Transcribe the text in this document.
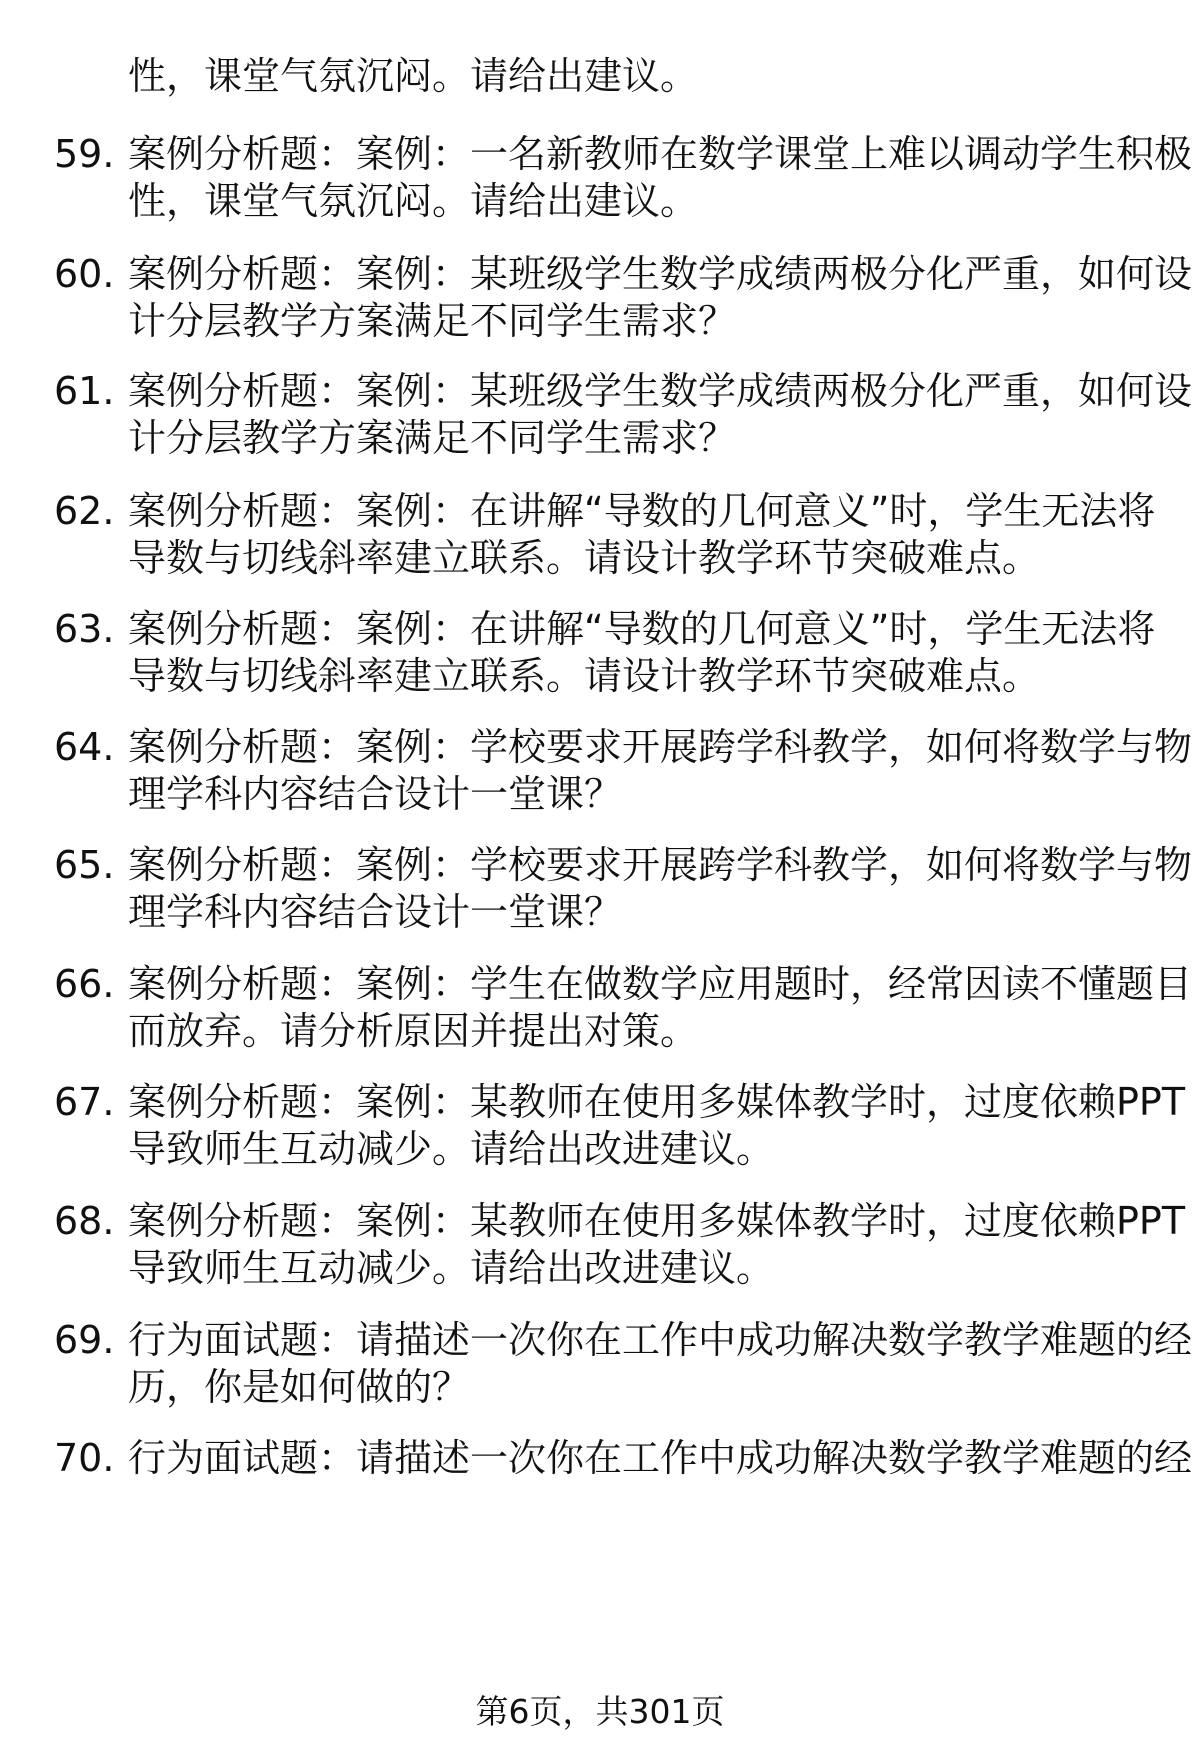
性，课堂气氛沉闷。请给出建议。
59. 案例分析题：案例：一名新教师在数学课堂上难以调动学生积极
性，课堂气氛沉闷。请给出建议。
60. 案例分析题：案例：某班级学生数学成绩两极分化严重，如何设
计分层教学方案满足不同学生需求？
61. 案例分析题：案例：某班级学生数学成绩两极分化严重，如何设
计分层教学方案满足不同学生需求？
62. 案例分析题：案例：在讲解“导数的几何意义”时，学生无法将
导数与切线斜率建立联系。请设计教学环节突破难点。
63. 案例分析题：案例：在讲解“导数的几何意义”时，学生无法将
导数与切线斜率建立联系。请设计教学环节突破难点。
64. 案例分析题：案例：学校要求开展跨学科教学，如何将数学与物
理学科内容结合设计一堂课？
65. 案例分析题：案例：学校要求开展跨学科教学，如何将数学与物
理学科内容结合设计一堂课？
66. 案例分析题：案例：学生在做数学应用题时，经常因读不懂题目
而放弃。请分析原因并提出对策。
67. 案例分析题：案例：某教师在使用多媒体教学时，过度依赖PPT
导致师生互动减少。请给出改进建议。
68. 案例分析题：案例：某教师在使用多媒体教学时，过度依赖PPT
导致师生互动减少。请给出改进建议。
69. 行为面试题：请描述一次你在工作中成功解决数学教学难题的经
历，你是如何做的？
70. 行为面试题：请描述一次你在工作中成功解决数学教学难题的经
第6页，共301页
